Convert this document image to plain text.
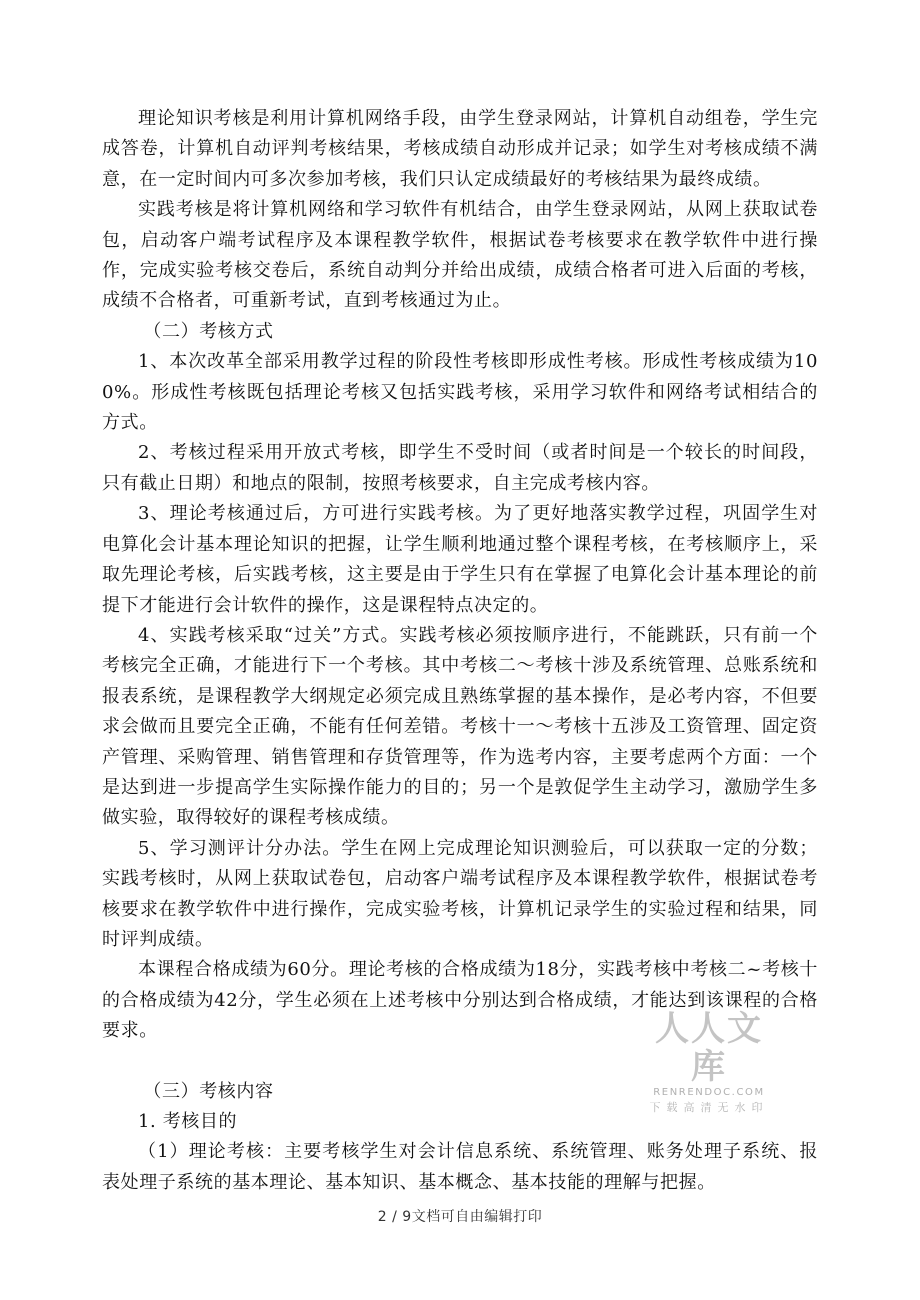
理论知识考核是利用计算机网络手段，由学生登录网站，计算机自动组卷，学生完成答卷，计算机自动评判考核结果，考核成绩自动形成并记录；如学生对考核成绩不满意，在一定时间内可多次参加考核，我们只认定成绩最好的考核结果为最终成绩。

实践考核是将计算机网络和学习软件有机结合，由学生登录网站，从网上获取试卷包，启动客户端考试程序及本课程教学软件，根据试卷考核要求在教学软件中进行操作，完成实验考核交卷后，系统自动判分并给出成绩，成绩合格者可进入后面的考核，成绩不合格者，可重新考试，直到考核通过为止。

（二）考核方式

1、本次改革全部采用教学过程的阶段性考核即形成性考核。形成性考核成绩为100%。形成性考核既包括理论考核又包括实践考核，采用学习软件和网络考试相结合的方式。

2、考核过程采用开放式考核，即学生不受时间（或者时间是一个较长的时间段，只有截止日期）和地点的限制，按照考核要求，自主完成考核内容。

3、理论考核通过后，方可进行实践考核。为了更好地落实教学过程，巩固学生对电算化会计基本理论知识的把握，让学生顺利地通过整个课程考核，在考核顺序上，采取先理论考核，后实践考核，这主要是由于学生只有在掌握了电算化会计基本理论的前提下才能进行会计软件的操作，这是课程特点决定的。

4、实践考核采取“过关”方式。实践考核必须按顺序进行，不能跳跃，只有前一个考核完全正确，才能进行下一个考核。其中考核二～考核十涉及系统管理、总账系统和报表系统，是课程教学大纲规定必须完成且熟练掌握的基本操作，是必考内容，不但要求会做而且要完全正确，不能有任何差错。考核十一～考核十五涉及工资管理、固定资产管理、采购管理、销售管理和存货管理等，作为选考内容，主要考虑两个方面：一个是达到进一步提高学生实际操作能力的目的；另一个是敦促学生主动学习，激励学生多做实验，取得较好的课程考核成绩。

5、学习测评计分办法。学生在网上完成理论知识测验后，可以获取一定的分数；实践考核时，从网上获取试卷包，启动客户端考试程序及本课程教学软件，根据试卷考核要求在教学软件中进行操作，完成实验考核，计算机记录学生的实验过程和结果，同时评判成绩。

本课程合格成绩为60分。理论考核的合格成绩为18分，实践考核中考核二~考核十的合格成绩为42分，学生必须在上述考核中分别达到合格成绩，才能达到该课程的合格要求。

（三）考核内容

1. 考核目的

（1）理论考核：主要考核学生对会计信息系统、系统管理、账务处理子系统、报表处理子系统的基本理论、基本知识、基本概念、基本技能的理解与把握。

人人文库
RENRENDOC.COM
下载高清无水印
2 / 9文档可自由编辑打印
